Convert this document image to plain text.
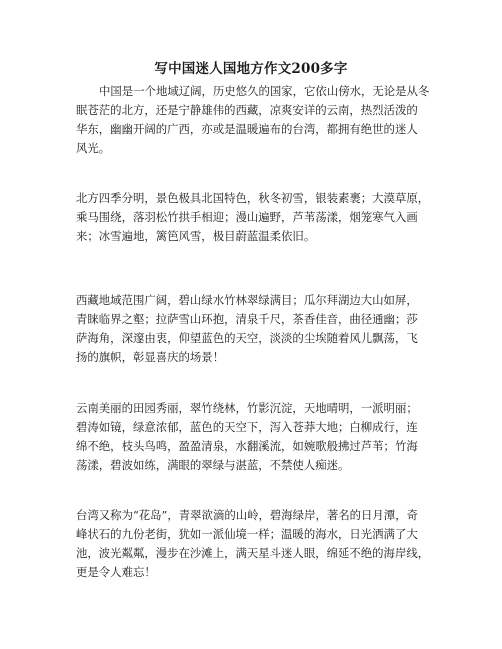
写中国迷人国地方作文200多字
中国是一个地域辽阔，历史悠久的国家，它依山傍水，无论是从冬
眠苍茫的北方，还是宁静雄伟的西藏，凉爽安详的云南，热烈活泼的
华东，幽幽开阔的广西，亦或是温暖遍布的台湾，都拥有绝世的迷人
风光。
北方四季分明，景色极具北国特色，秋冬初雪，银装素裹；大漠草原，
乘马围绕，落羽松竹拱手相迎；漫山遍野，芦苇荡漾，烟笼寒气入画
来；冰雪遍地，篱笆风雪，极目蔚蓝温柔依旧。
西藏地域范围广阔，碧山绿水竹林翠绿满目；瓜尔拜湖边大山如屏，
青睐临界之壑；拉萨雪山环抱，清泉千尺，茶香佳音，曲径通幽；莎
萨海角，深邃由衷，仰望蓝色的天空，淡淡的尘埃随着风儿飘荡，飞
扬的旗帜，彰显喜庆的场景！
云南美丽的田园秀丽，翠竹绕林，竹影沉淀，天地晴明，一派明丽；
碧涛如镜，绿意浓郁，蓝色的天空下，泻入苍莽大地；白柳成行，连
绵不绝，枝头鸟鸣，盈盈清泉，水翻溪流，如婉歌般拂过芦苇；竹海
荡漾，碧波如练，满眼的翠绿与湛蓝，不禁使人痴迷。
台湾又称为“花岛”，青翠欲滴的山岭，碧海绿岸，著名的日月潭，奇
峰状石的九份老街，犹如一派仙境一样；温暖的海水，日光洒满了大
池，波光粼粼，漫步在沙滩上，满天星斗迷人眼，绵延不绝的海岸线，
更是令人难忘！
